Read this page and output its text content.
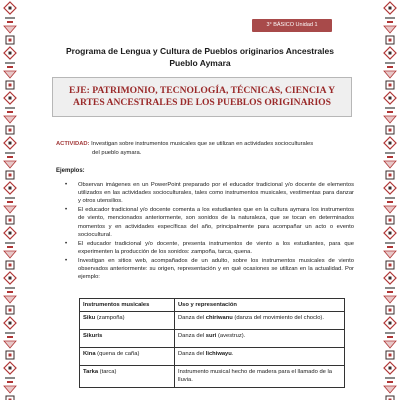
3° BÁSICO Unidad 1
Programa de Lengua y Cultura de Pueblos originarios Ancestrales
Pueblo Aymara
EJE: PATRIMONIO, TECNOLOGÍA, TÉCNICAS, CIENCIA Y ARTES ANCESTRALES DE LOS PUEBLOS ORIGINARIOS
ACTIVIDAD: Investigan sobre instrumentos musicales que se utilizan en actividades socioculturales
del pueblo aymara.
Ejemplos:
• Observan imágenes en un PowerPoint preparado por el educador tradicional y/o docente de elementos utilizados en las actividades socioculturales, tales como instrumentos musicales, vestimentas para danzar y otros utensilios.
• El educador tradicional y/o docente comenta a los estudiantes que en la cultura aymara los instrumentos de viento, mencionados anteriormente, son sonidos de la naturaleza, que se tocan en determinados momentos y en actividades específicas del año, principalmente para acompañar un acto o evento sociocultural.
• El educador tradicional y/o docente, presenta instrumentos de viento a los estudiantes, para que experimenten la producción de los sonidos: zampoña, tarca, quena.
• Investigan en sitios web, acompañados de un adulto, sobre los instrumentos musicales de viento observados anteriormente: su origen, representación y en qué ocasiones se utilizan en la actualidad. Por ejemplo:
Instrumentos musicales	Uso y representación
Siku (zampoña)	Danza del chiriwanu (danza del movimiento del choclo).
Sikuris	Danza del suri (avestruz).
Kina (quena de caña)	Danza del lichiwayu.
Tarka (tarca)	Instrumento musical hecho de madera para el llamado de la lluvia.
